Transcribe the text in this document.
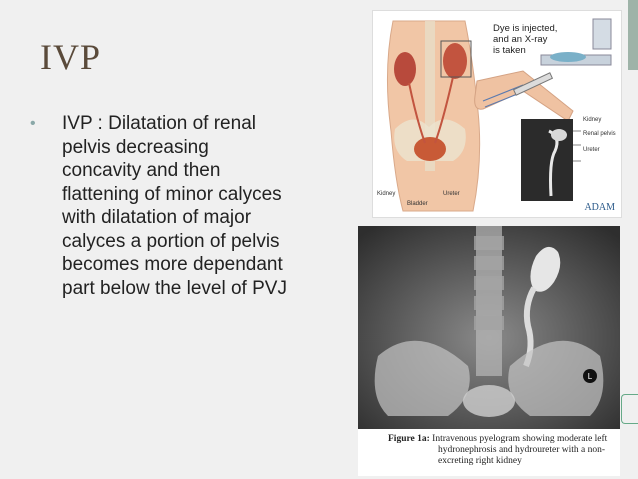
IVP
• IVP : Dilatation of renal pelvis decreasing concavity and then flattening of minor calyces with dilatation of major calyces a portion of pelvis becomes more dependant part below the level of PVJ
Dye is injected,
and an X-ray
is taken
Kidney
Bladder
Ureter
Kidney
Renal pelvis
Ureter
ADAM
L
Figure 1a: Intravenous pyelogram showing moderate left
hydronephrosis and hydroureter with a non-
excreting right kidney
